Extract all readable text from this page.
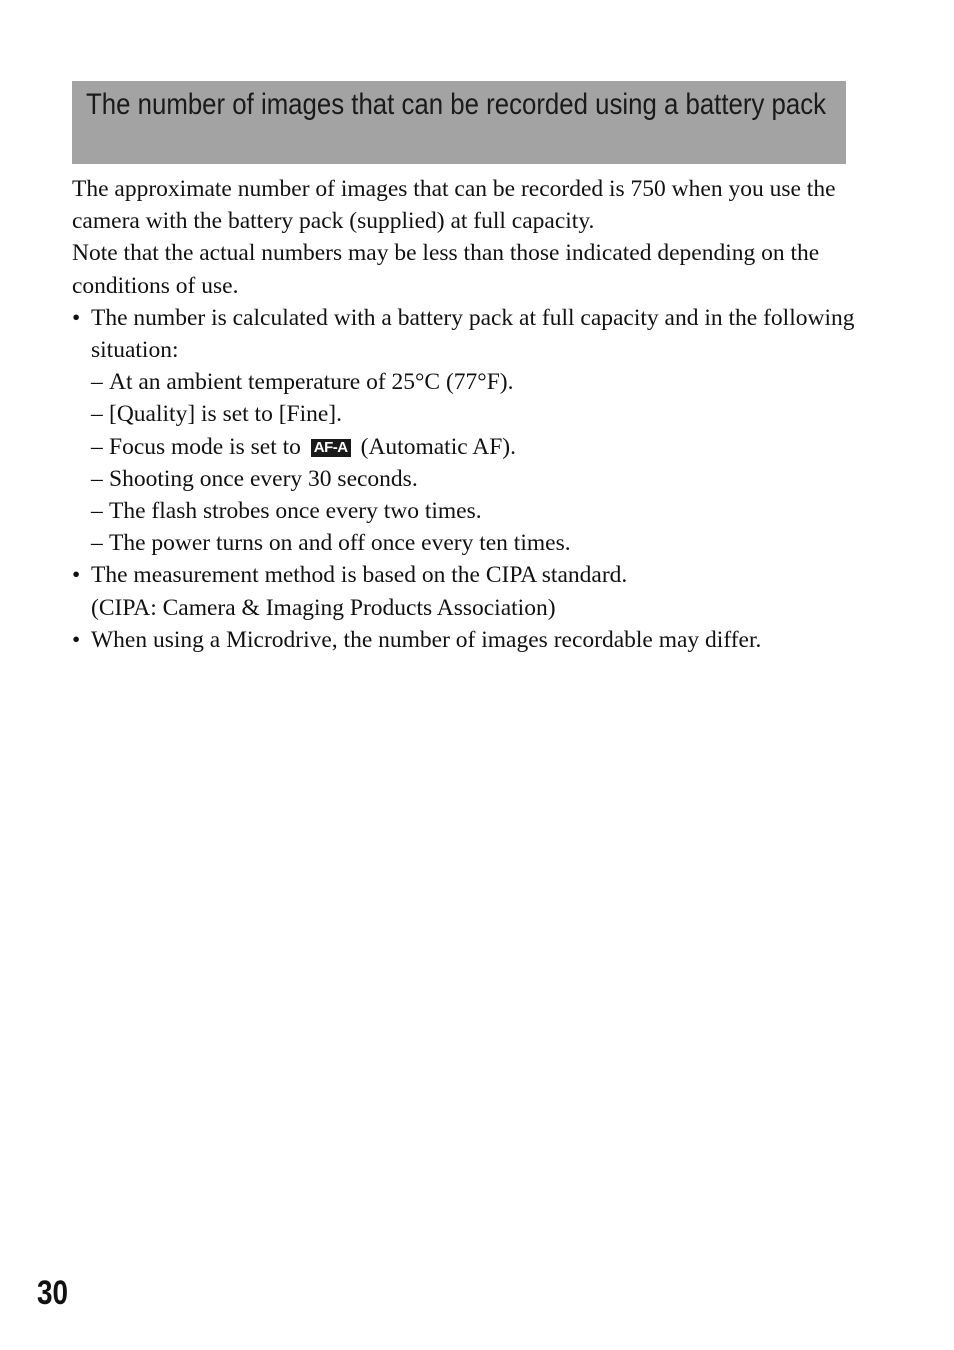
The number of images that can be recorded using a battery pack

The approximate number of images that can be recorded is 750 when you use the camera with the battery pack (supplied) at full capacity.

Note that the actual numbers may be less than those indicated depending on the conditions of use.

• The number is calculated with a battery pack at full capacity and in the following situation:
– At an ambient temperature of 25°C (77°F).
– [Quality] is set to [Fine].
– Focus mode is set to AF-A (Automatic AF).
– Shooting once every 30 seconds.
– The flash strobes once every two times.
– The power turns on and off once every ten times.
• The measurement method is based on the CIPA standard.
(CIPA: Camera & Imaging Products Association)
• When using a Microdrive, the number of images recordable may differ.
30
